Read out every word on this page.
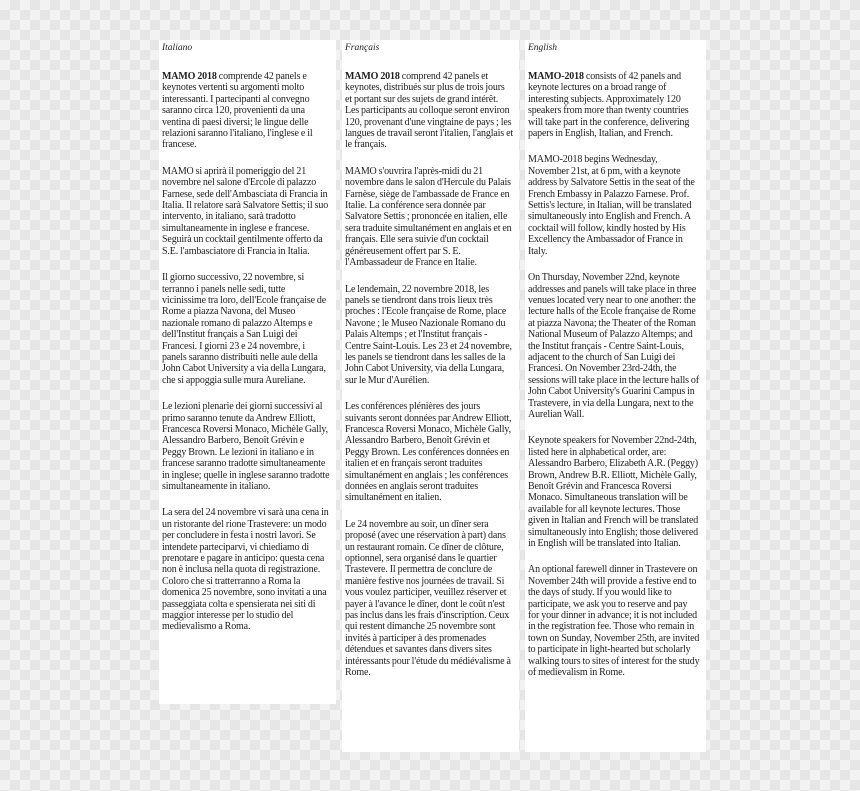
Italiano

MAMO 2018 comprende 42 panels e keynotes vertenti su argomenti molto interessanti. I partecipanti al convegno saranno circa 120, provenienti da una ventina di paesi diversi; le lingue delle relazioni saranno l'italiano, l'inglese e il francese.

MAMO si aprirà il pomeriggio del 21 novembre nel salone d'Ercole di palazzo Farnese, sede dell'Ambasciata di Francia in Italia. Il relatore sarà Salvatore Settis; il suo intervento, in italiano, sarà tradotto simultaneamente in inglese e francese. Seguirà un cocktail gentilmente offerto da S.E. l'ambasciatore di Francia in Italia.

Il giorno successivo, 22 novembre, si terranno i panels nelle sedi, tutte vicinissime tra loro, dell'Ecole française de Rome a piazza Navona, del Museo nazionale romano di palazzo Altemps e dell'Institut français a San Luigi dei Francesi. I giorni 23 e 24 novembre, i panels saranno distribuiti nelle aule della John Cabot University a via della Lungara, che si appoggia sulle mura Aureliane.

Le lezioni plenarie dei giorni successivi al primo saranno tenute da Andrew Elliott, Francesca Roversi Monaco, Michèle Gally, Alessandro Barbero, Benoît Grévin e Peggy Brown. Le lezioni in italiano e in francese saranno tradotte simultaneamente in inglese; quelle in inglese saranno tradotte simultaneamente in italiano.

La sera del 24 novembre vi sarà una cena in un ristorante del rione Trastevere: un modo per concludere in festa i nostri lavori. Se intendete parteciparvi, vi chiediamo di prenotare e pagare in anticipo: questa cena non è inclusa nella quota di registrazione. Coloro che si tratterranno a Roma la domenica 25 novembre, sono invitati a una passeggiata colta e spensierata nei siti di maggior interesse per lo studio del medievalismo a Roma.

Français

MAMO 2018 comprend 42 panels et keynotes, distribués sur plus de trois jours et portant sur des sujets de grand intérêt. Les participants au colloque seront environ 120, provenant d'une vingtaine de pays ; les langues de travail seront l'italien, l'anglais et le français.

MAMO s'ouvrira l'après-midi du 21 novembre dans le salon d'Hercule du Palais Farnèse, siège de l'ambassade de France en Italie. La conférence sera donnée par Salvatore Settis ; prononcée en italien, elle sera traduite simultanément en anglais et en français. Elle sera suivie d'un cocktail généreusement offert par S. E. l'Ambassadeur de France en Italie.

Le lendemain, 22 novembre 2018, les panels se tiendront dans trois lieux très proches : l'Ecole française de Rome, place Navone ; le Museo Nazionale Romano du Palais Altemps ; et l'Institut français - Centre Saint-Louis. Les 23 et 24 novembre, les panels se tiendront dans les salles de la John Cabot University, via della Lungara, sur le Mur d'Aurélien.

Les conférences plénières des jours suivants seront données par Andrew Elliott, Francesca Roversi Monaco, Michèle Gally, Alessandro Barbero, Benoît Grévin et Peggy Brown. Les conférences données en italien et en français seront traduites simultanément en anglais ; les conférences données en anglais seront traduites simultanément en italien.

Le 24 novembre au soir, un dîner sera proposé (avec une réservation à part) dans un restaurant romain. Ce dîner de clôture, optionnel, sera organisé dans le quartier Trastevere. Il permettra de conclure de manière festive nos journées de travail. Si vous voulez participer, veuillez réserver et payer à l'avance le dîner, dont le coût n'est pas inclus dans les frais d'inscription. Ceux qui restent dimanche 25 novembre sont invités à participer à des promenades détendues et savantes dans divers sites intéressants pour l'étude du médiévalisme à Rome.

English

MAMO-2018 consists of 42 panels and keynote lectures on a broad range of interesting subjects. Approximately 120 speakers from more than twenty countries will take part in the conference, delivering papers in English, Italian, and French.

MAMO-2018 begins Wednesday, November 21st, at 6 pm, with a keynote address by Salvatore Settis in the seat of the French Embassy in Palazzo Farnese. Prof. Settis's lecture, in Italian, will be translated simultaneously into English and French. A cocktail will follow, kindly hosted by His Excellency the Ambassador of France in Italy.

On Thursday, November 22nd, keynote addresses and panels will take place in three venues located very near to one another: the lecture halls of the Ecole française de Rome at piazza Navona; the Theater of the Roman National Museum of Palazzo Altemps; and the Institut français - Centre Saint-Louis, adjacent to the church of San Luigi dei Francesi. On November 23rd-24th, the sessions will take place in the lecture halls of John Cabot University's Guarini Campus in Trastevere, in via della Lungara, next to the Aurelian Wall.

Keynote speakers for November 22nd-24th, listed here in alphabetical order, are: Alessandro Barbero, Elizabeth A.R. (Peggy) Brown, Andrew B.R. Elliott, Michèle Gally, Benoît Grévin and Francesca Roversi Monaco. Simultaneous translation will be available for all keynote lectures. Those given in Italian and French will be translated simultaneously into English; those delivered in English will be translated into Italian.

An optional farewell dinner in Trastevere on November 24th will provide a festive end to the days of study. If you would like to participate, we ask you to reserve and pay for your dinner in advance; it is not included in the registration fee. Those who remain in town on Sunday, November 25th, are invited to participate in light-hearted but scholarly walking tours to sites of interest for the study of medievalism in Rome.
